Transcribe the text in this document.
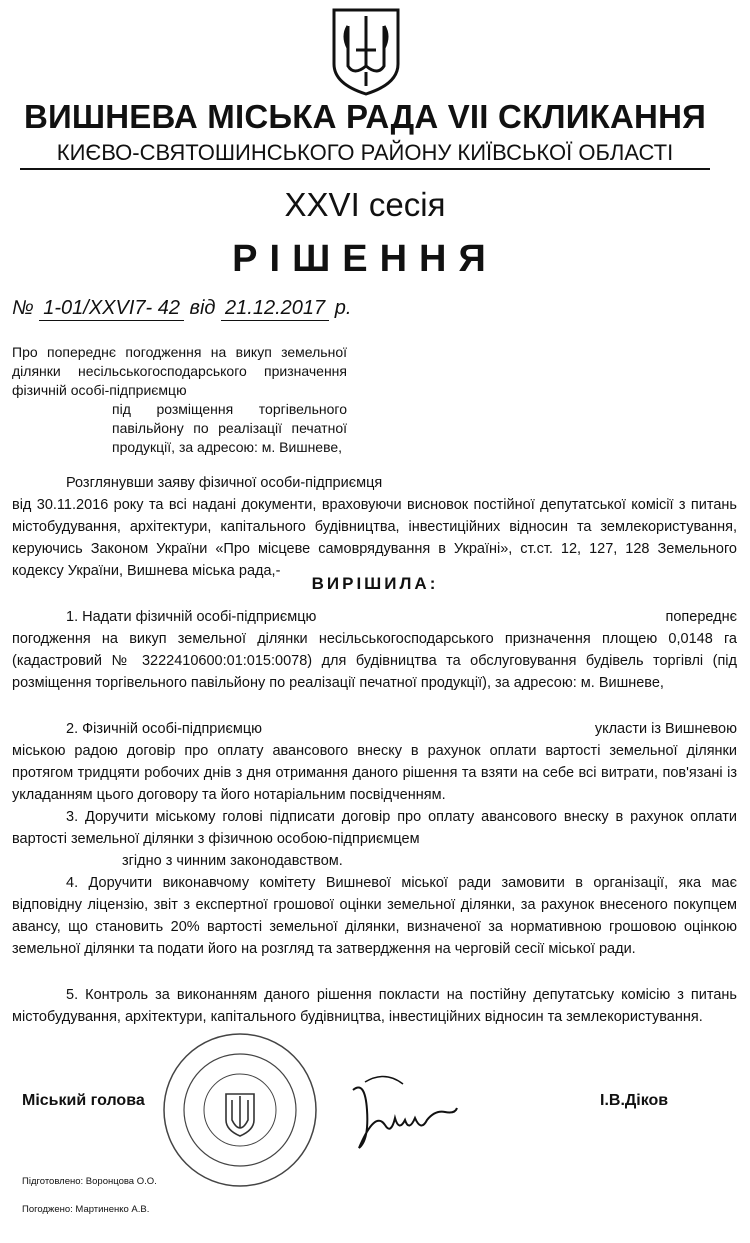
ВИШНЕВА МІСЬКА РАДА VII СКЛИКАННЯ
КИЄВО-СВЯТОШИНСЬКОГО РАЙОНУ КИЇВСЬКОЇ ОБЛАСТІ
XXVI сесія
РІШЕННЯ
№ 1-01/XXVI7- 42 від 21.12.2017 р.

Про попереднє погодження на викуп земельної ділянки несільськогосподарського призначення фізичній особі-підприємцю

під розміщення торгівельного павільйону по реалізації печатної продукції, за адресою: м. Вишневе,

Розглянувши заяву фізичної особи-підприємця

від 30.11.2016 року та всі надані документи, враховуючи висновок постійної депутатської комісії з питань містобудування, архітектури, капітального будівництва, інвестиційних відносин та землекористування, керуючись Законом України «Про місцеве самоврядування в Україні», ст.ст. 12, 127, 128 Земельного кодексу України, Вишнева міська рада,-

ВИРІШИЛА:

1. Надати фізичній особі-підприємцю	попереднє

погодження на викуп земельної ділянки несільськогосподарського призначення площею 0,0148 га (кадастровий № 3222410600:01:015:0078) для будівництва та обслуговування будівель торгівлі (під розміщення торгівельного павільйону по реалізації печатної продукції), за адресою: м. Вишневе,

2. Фізичній особі-підприємцю	укласти із Вишневою

міською радою договір про оплату авансового внеску в рахунок оплати вартості земельної ділянки протягом тридцяти робочих днів з дня отримання даного рішення та взяти на себе всі витрати, пов'язані із укладанням цього договору та його нотаріальним посвідченням.

3. Доручити міському голові підписати договір про оплату авансового внеску в рахунок оплати вартості земельної ділянки з фізичною особою-підприємцем

згідно з чинним законодавством.

4. Доручити виконавчому комітету Вишневої міської ради замовити в організації, яка має відповідну ліцензію, звіт з експертної грошової оцінки земельної ділянки, за рахунок внесеного покупцем авансу, що становить 20% вартості земельної ділянки, визначеної за нормативною грошовою оцінкою земельної ділянки та подати його на розгляд та затвердження на черговій сесії міської ради.

5. Контроль за виконанням даного рішення покласти на постійну депутатську комісію з питань містобудування, архітектури, капітального будівництва, інвестиційних відносин та землекористування.

Міський голова	І.В.Діков
Підготовлено: Воронцова О.О.
Погоджено: Мартиненко А.В.
